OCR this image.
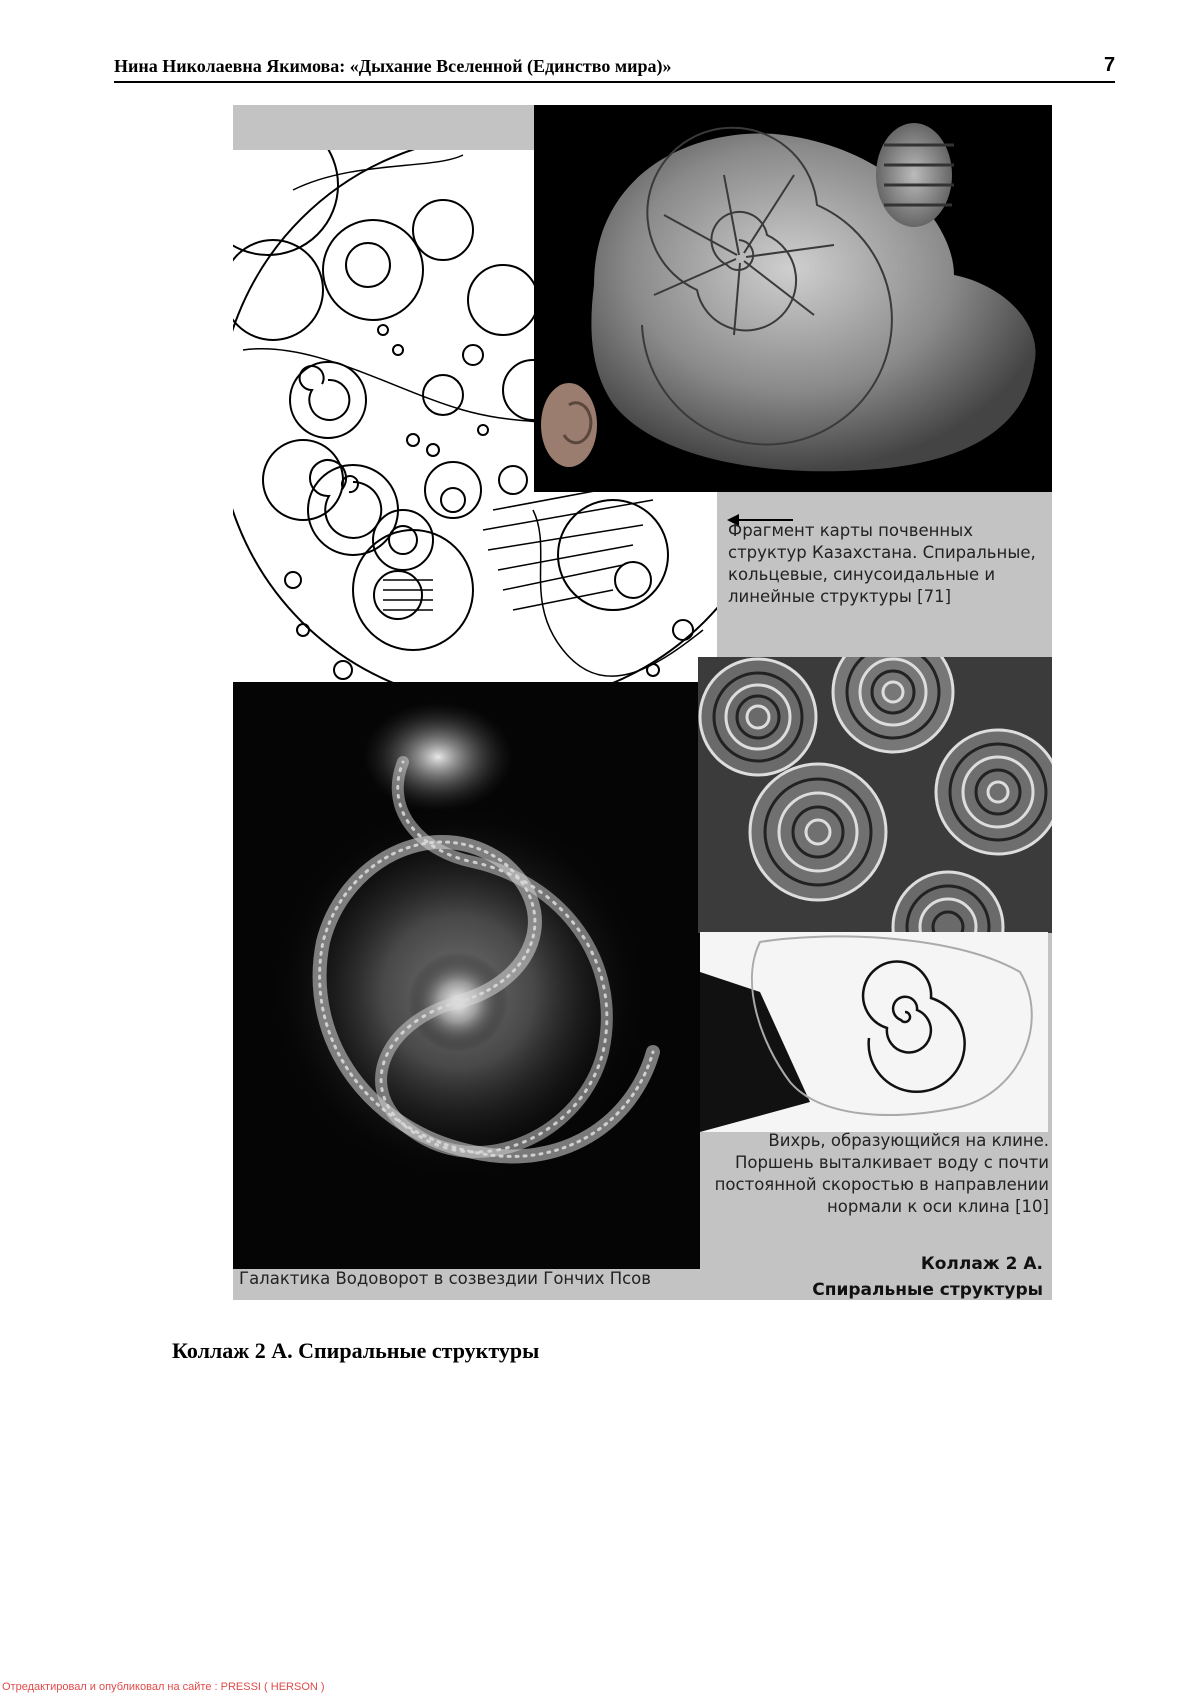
Нина Николаевна Якимова: «Дыхание Вселенной (Единство мира)»	7
Фрагмент карты почвенных
структур Казахстана. Спиральные,
кольцевые, синусоидальные и
линейные структуры [71]
Галактика Водоворот в созвездии Гончих Псов
Вихрь, образующийся на клине.
Поршень выталкивает воду с почти
постоянной скоростью в направлении
нормали к оси клина [10]
Коллаж 2 А.
Спиральные структуры
Коллаж 2 А. Спиральные структуры
Отредактировал и опубликовал на сайте : PRESSI ( HERSON )
